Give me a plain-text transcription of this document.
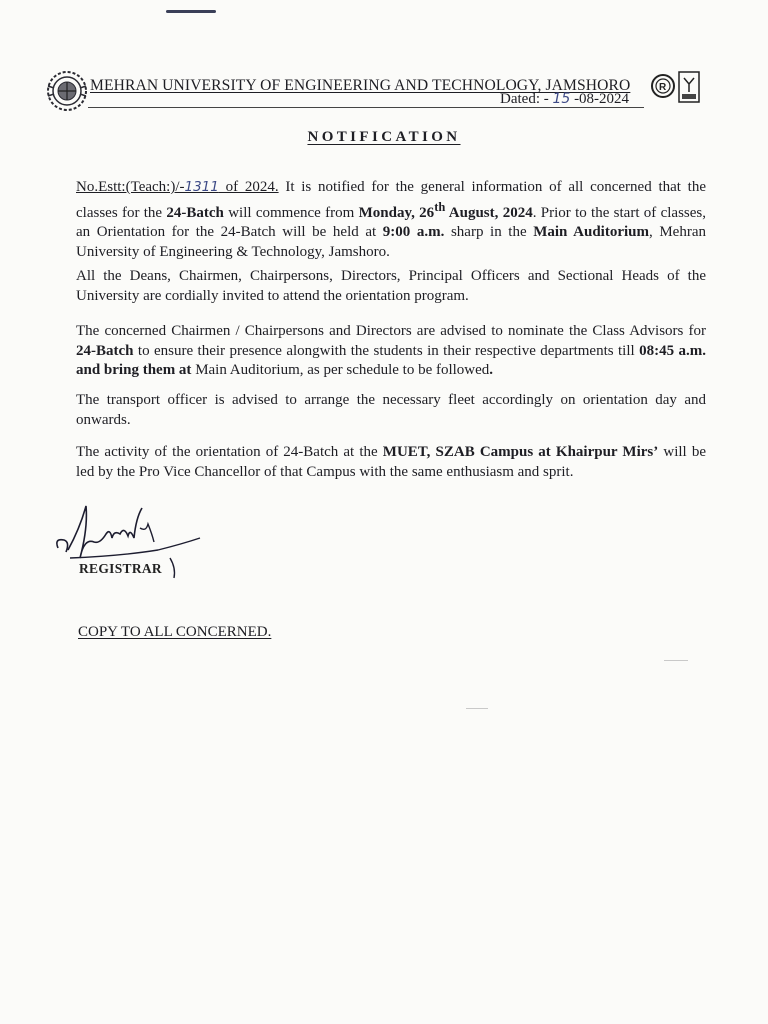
MEHRAN UNIVERSITY OF ENGINEERING AND TECHNOLOGY, JAMSHORO	R
Dated: - 15 -08-2024
NOTIFICATION
No.Estt:(Teach:)/-1311 of 2024. It is notified for the general information of all concerned that the classes for the 24-Batch will commence from Monday, 26th August, 2024. Prior to the start of classes, an Orientation for the 24-Batch will be held at 9:00 a.m. sharp in the Main Auditorium, Mehran University of Engineering & Technology, Jamshoro.
All the Deans, Chairmen, Chairpersons, Directors, Principal Officers and Sectional Heads of the University are cordially invited to attend the orientation program.
The concerned Chairmen / Chairpersons and Directors are advised to nominate the Class Advisors for 24-Batch to ensure their presence alongwith the students in their respective departments till 08:45 a.m. and bring them at Main Auditorium, as per schedule to be followed.
The transport officer is advised to arrange the necessary fleet accordingly on orientation day and onwards.
The activity of the orientation of 24-Batch at the MUET, SZAB Campus at Khairpur Mirs’ will be led by the Pro Vice Chancellor of that Campus with the same enthusiasm and sprit.
REGISTRAR
COPY TO ALL CONCERNED.
